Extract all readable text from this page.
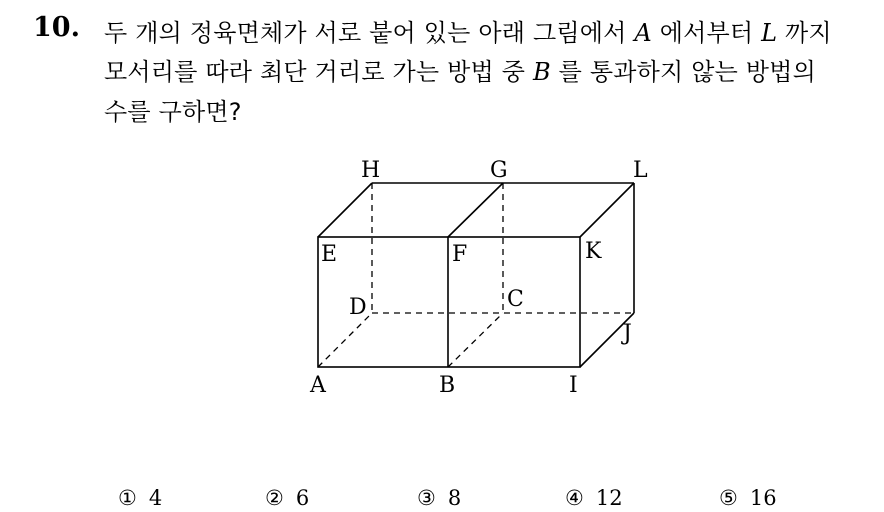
10. 두 개의 정육면체가 서로 붙어 있는 아래 그림에서 A 에서부터 L 까지
모서리를 따라 최단 거리로 가는 방법 중 B 를 통과하지 않는 방법의
수를 구하면?
H	G	L
E	F	K
D	C
J
A	B	I
① 4	② 6	③ 8	④ 12	⑤ 16
